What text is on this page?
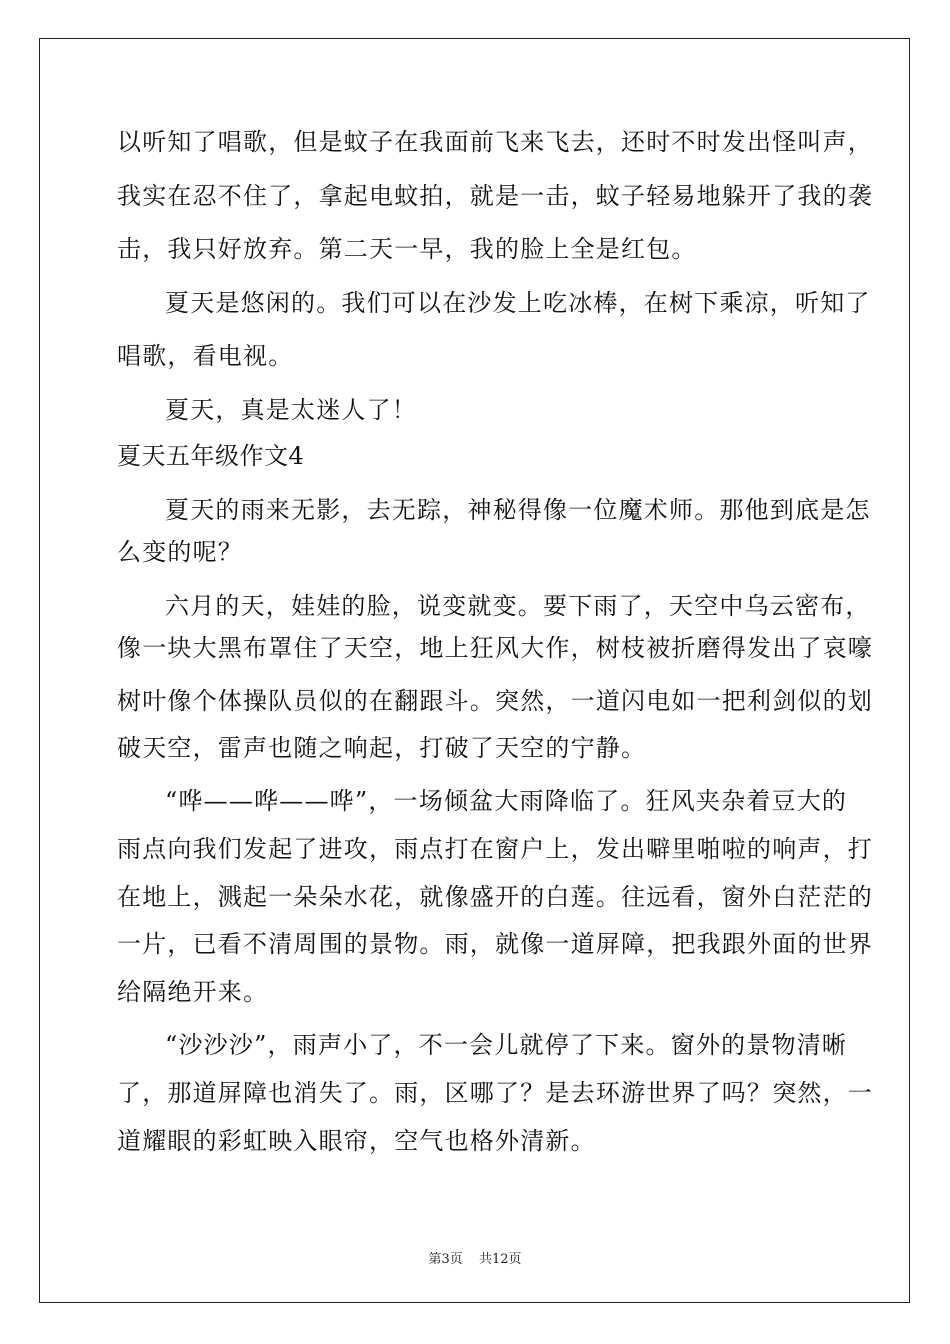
以听知了唱歌，但是蚊子在我面前飞来飞去，还时不时发出怪叫声，
我实在忍不住了，拿起电蚊拍，就是一击，蚊子轻易地躲开了我的袭
击，我只好放弃。第二天一早，我的脸上全是红包。
夏天是悠闲的。我们可以在沙发上吃冰棒，在树下乘凉，听知了
唱歌，看电视。
夏天，真是太迷人了！
夏天五年级作文4
夏天的雨来无影，去无踪，神秘得像一位魔术师。那他到底是怎
么变的呢？
六月的天，娃娃的脸，说变就变。要下雨了，天空中乌云密布，
像一块大黑布罩住了天空，地上狂风大作，树枝被折磨得发出了哀嚎
树叶像个体操队员似的在翻跟斗。突然，一道闪电如一把利剑似的划
破天空，雷声也随之响起，打破了天空的宁静。
“哗——哗——哗”，一场倾盆大雨降临了。狂风夹杂着豆大的
雨点向我们发起了进攻，雨点打在窗户上，发出噼里啪啦的响声，打
在地上，溅起一朵朵水花，就像盛开的白莲。往远看，窗外白茫茫的
一片，已看不清周围的景物。雨，就像一道屏障，把我跟外面的世界
给隔绝开来。
“沙沙沙”，雨声小了，不一会儿就停了下来。窗外的景物清晰
了，那道屏障也消失了。雨，区哪了？是去环游世界了吗？突然，一
道耀眼的彩虹映入眼帘，空气也格外清新。
第3页 共12页
